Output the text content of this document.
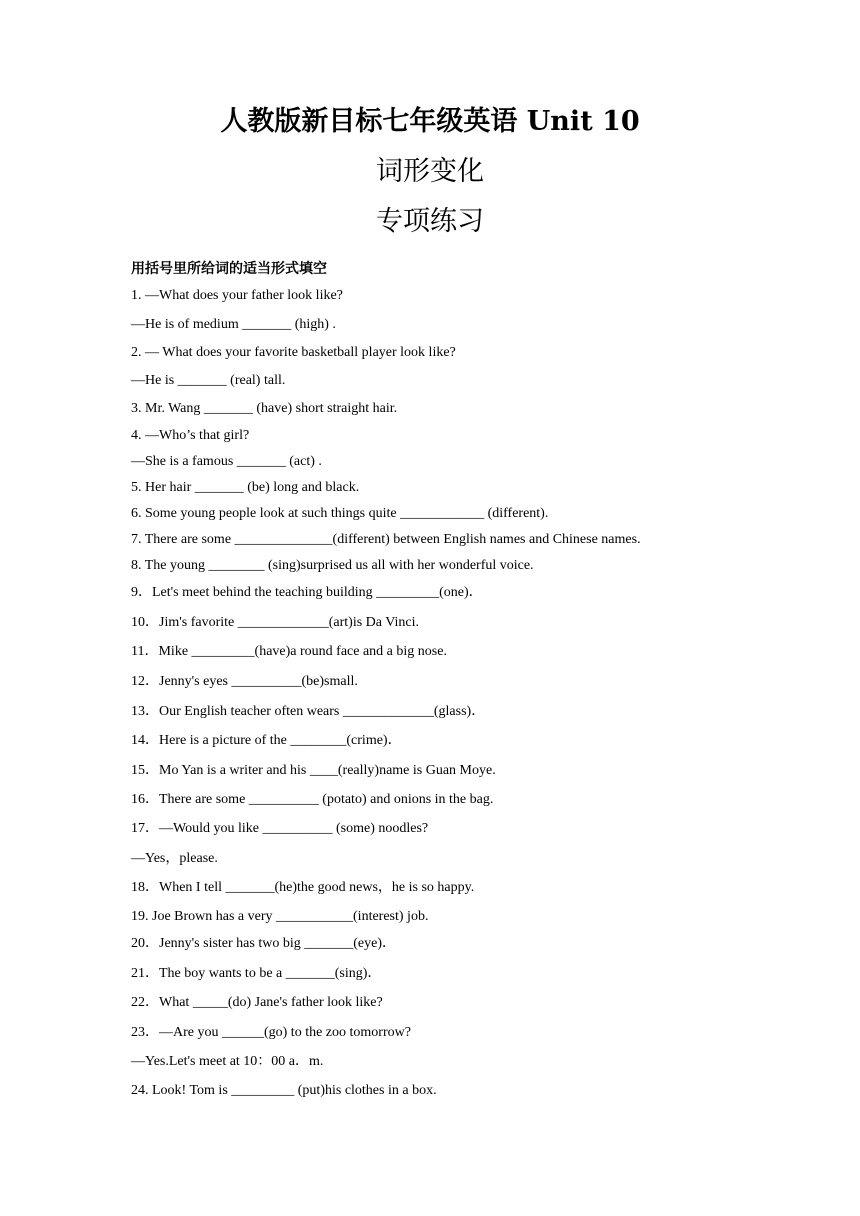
人教版新目标七年级英语 Unit 10
词形变化
专项练习
用括号里所给词的适当形式填空
1. —What does your father look like?
—He is of medium _______ (high) .
2. — What does your favorite basketball player look like?
—He is _______ (real) tall.
3. Mr. Wang _______ (have) short straight hair.
4. —Who’s that girl?
—She is a famous _______ (act) .
5. Her hair _______ (be) long and black.
6. Some young people look at such things quite ____________ (different).
7. There are some ______________(different) between English names and Chinese names.
8. The young ________ (sing)surprised us all with her wonderful voice.
9．Let's meet behind the teaching building _________(one)．
10．Jim's favorite _____________(art)is Da Vinci.
11．Mike _________(have)a round face and a big nose.
12．Jenny's eyes __________(be)small.
13．Our English teacher often wears _____________(glass)．
14．Here is a picture of the ________(crime)．
15．Mo Yan is a writer and his ____(really)name is Guan Moye.
16．There are some __________ (potato) and onions in the bag.
17．—Would you like __________ (some) noodles?
—Yes，please.
18．When I tell _______(he)the good news，he is so happy.
19. Joe Brown has a very ___________(interest) job.
20．Jenny's sister has two big _______(eye)．
21．The boy wants to be a _______(sing)．
22．What _____(do) Jane's father look like?
23．—Are you ______(go) to the zoo tomorrow?
—Yes.Let's meet at 10：00 a．m.
24. Look! Tom is _________ (put)his clothes in a box.
